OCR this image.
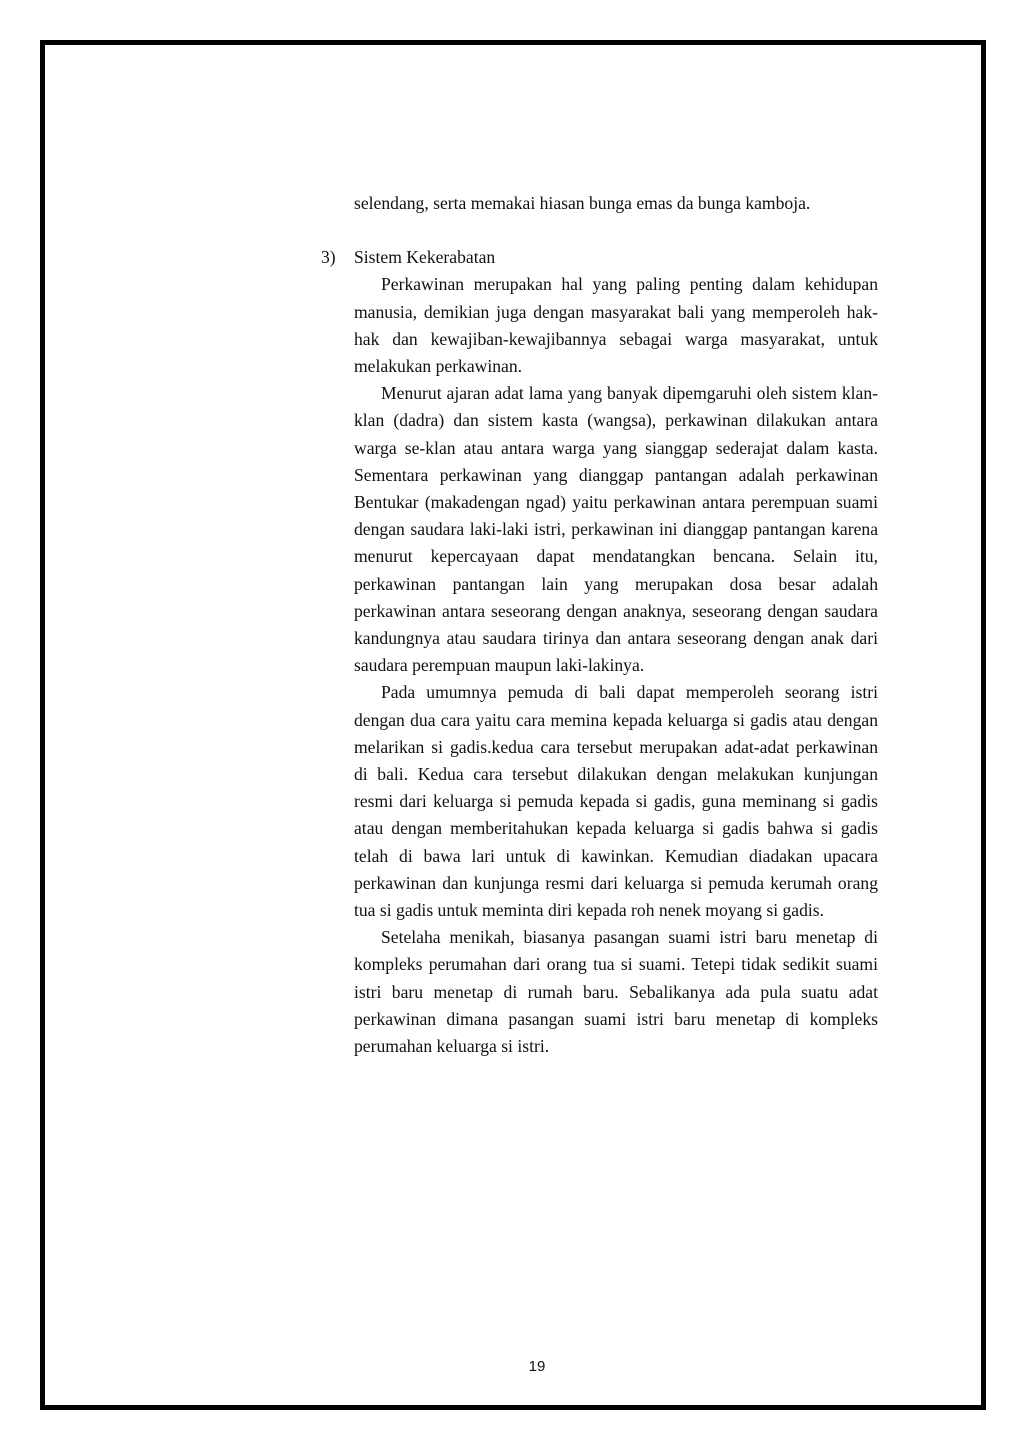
selendang, serta memakai hiasan bunga emas da bunga kamboja.

3) Sistem Kekerabatan

Perkawinan merupakan hal yang paling penting dalam kehidupan manusia, demikian juga dengan masyarakat bali yang memperoleh hak-hak dan kewajiban-kewajibannya sebagai warga masyarakat, untuk melakukan perkawinan.

Menurut ajaran adat lama yang banyak dipemgaruhi oleh sistem klan-klan (dadra) dan sistem kasta (wangsa), perkawinan dilakukan antara warga se-klan atau antara warga yang sianggap sederajat dalam kasta. Sementara perkawinan yang dianggap pantangan adalah perkawinan Bentukar (makadengan ngad) yaitu perkawinan antara perempuan suami dengan saudara laki-laki istri, perkawinan ini dianggap pantangan karena menurut kepercayaan dapat mendatangkan bencana. Selain itu, perkawinan pantangan lain yang merupakan dosa besar adalah perkawinan antara seseorang dengan anaknya, seseorang dengan saudara kandungnya atau saudara tirinya dan antara seseorang dengan anak dari saudara perempuan maupun laki-lakinya.

Pada umumnya pemuda di bali dapat memperoleh seorang istri dengan dua cara yaitu cara memina kepada keluarga si gadis atau dengan melarikan si gadis.kedua cara tersebut merupakan adat-adat perkawinan di bali. Kedua cara tersebut dilakukan dengan melakukan kunjungan resmi dari keluarga si pemuda kepada si gadis, guna meminang si gadis atau dengan memberitahukan kepada keluarga si gadis bahwa si gadis telah di bawa lari untuk di kawinkan. Kemudian diadakan upacara perkawinan dan kunjunga resmi dari keluarga si pemuda kerumah orang tua si gadis untuk meminta diri kepada roh nenek moyang si gadis.

Setelaha menikah, biasanya pasangan suami istri baru menetap di kompleks perumahan dari orang tua si suami. Tetepi tidak sedikit suami istri baru menetap di rumah baru. Sebalikanya ada pula suatu adat perkawinan dimana pasangan suami istri baru menetap di kompleks perumahan keluarga si istri.

19
